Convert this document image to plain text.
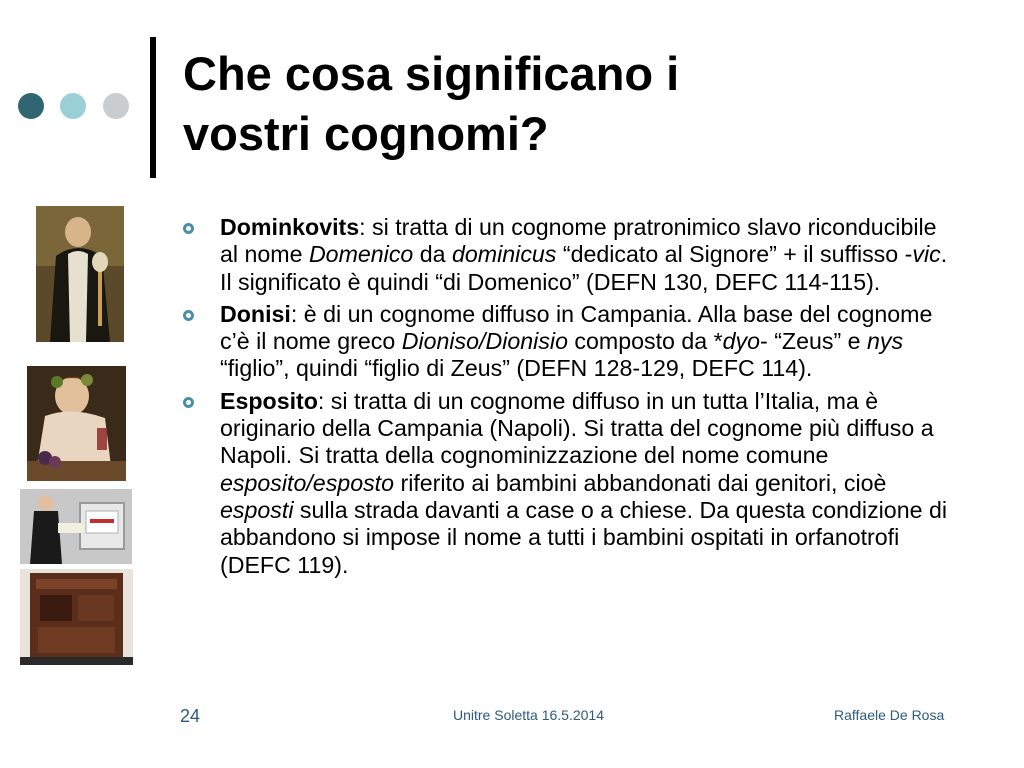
Che cosa significano i
vostri cognomi?
Dominkovits: si tratta di un cognome pratronimico slavo riconducibile al nome Domenico da dominicus “dedicato al Signore” + il suffisso -vic. Il significato è quindi “di Domenico” (DEFN 130, DEFC 114-115).
Donisi: è di un cognome diffuso in Campania. Alla base del cognome c’è il nome greco Dioniso/Dionisio composto da *dyo- “Zeus” e nys “figlio”, quindi “figlio di Zeus” (DEFN 128-129, DEFC 114).
Esposito: si tratta di un cognome diffuso in un tutta l’Italia, ma è originario della Campania (Napoli). Si tratta del cognome più diffuso a Napoli. Si tratta della cognominizzazione del nome comune esposito/esposto riferito ai bambini abbandonati dai genitori, cioè esposti sulla strada davanti a case o a chiese. Da questa condizione di abbandono si impose il nome a tutti i bambini ospitati in orfanotrofi (DEFC 119).
24	Unitre Soletta 16.5.2014	Raffaele De Rosa
